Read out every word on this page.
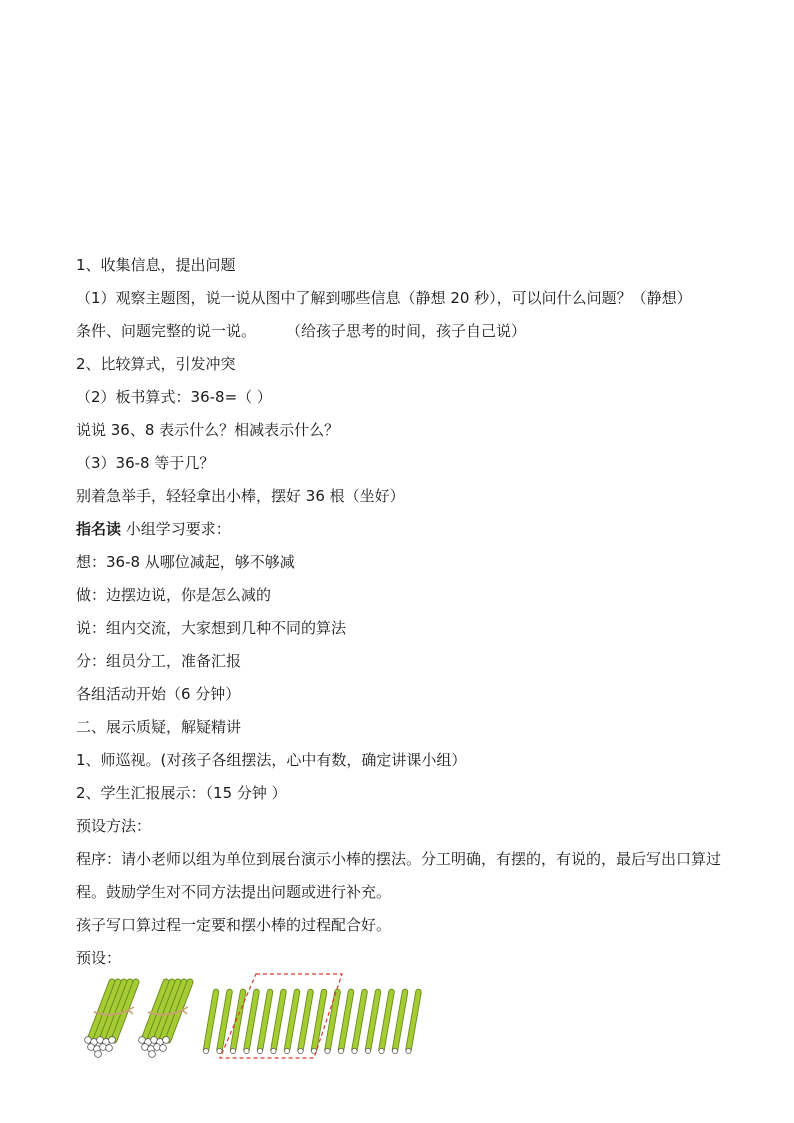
1、收集信息，提出问题
（1）观察主题图，说一说从图中了解到哪些信息（静想 20 秒），可以问什么问题？（静想）
条件、问题完整的说一说。 （给孩子思考的时间，孩子自己说）
2、比较算式，引发冲突
（2）板书算式：36-8=（ ）
说说 36、8 表示什么？相减表示什么？
（3）36-8 等于几？
别着急举手，轻轻拿出小棒，摆好 36 根（坐好）
指名读 小组学习要求：
想：36-8 从哪位减起，够不够减
做：边摆边说，你是怎么减的
说：组内交流，大家想到几种不同的算法
分：组员分工，准备汇报
各组活动开始（6 分钟）
二、展示质疑，解疑精讲
1、师巡视。(对孩子各组摆法，心中有数，确定讲课小组）
2、学生汇报展示：（15 分钟 ）
预设方法：
程序：请小老师以组为单位到展台演示小棒的摆法。分工明确，有摆的，有说的，最后写出口算过程。鼓励学生对不同方法提出问题或进行补充。
孩子写口算过程一定要和摆小棒的过程配合好。
预设：
